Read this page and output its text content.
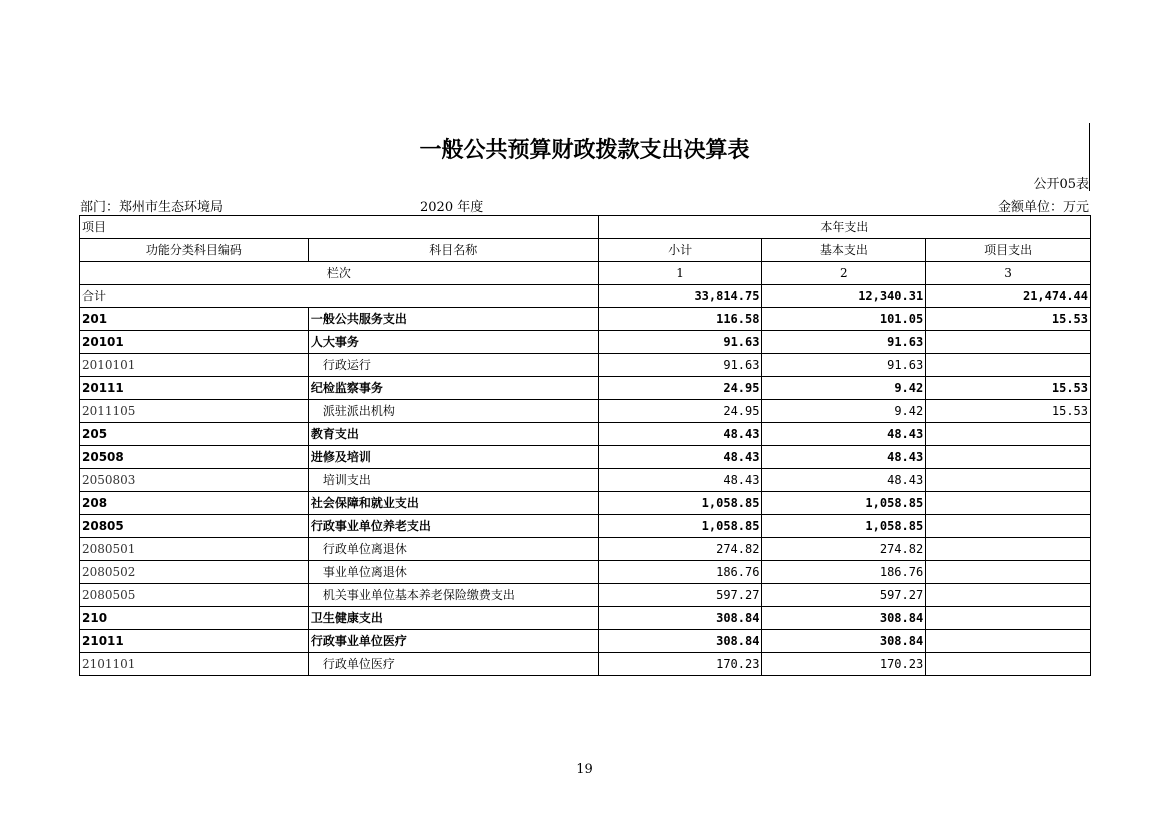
一般公共预算财政拨款支出决算表
公开05表
部门：郑州市生态环境局	2020 年度	金额单位：万元
项目		本年支出		
功能分类科目编码	科目名称	小计	基本支出	项目支出
栏次		1	2	3
合计		33,814.75	12,340.31	21,474.44
201	一般公共服务支出	116.58	101.05	15.53
20101	人大事务	91.63	91.63	
2010101	行政运行	91.63	91.63	
20111	纪检监察事务	24.95	9.42	15.53
2011105	派驻派出机构	24.95	9.42	15.53
205	教育支出	48.43	48.43	
20508	进修及培训	48.43	48.43	
2050803	培训支出	48.43	48.43	
208	社会保障和就业支出	1,058.85	1,058.85	
20805	行政事业单位养老支出	1,058.85	1,058.85	
2080501	行政单位离退休	274.82	274.82	
2080502	事业单位离退休	186.76	186.76	
2080505	机关事业单位基本养老保险缴费支出	597.27	597.27	
210	卫生健康支出	308.84	308.84	
21011	行政事业单位医疗	308.84	308.84	
2101101	行政单位医疗	170.23	170.23	
19
